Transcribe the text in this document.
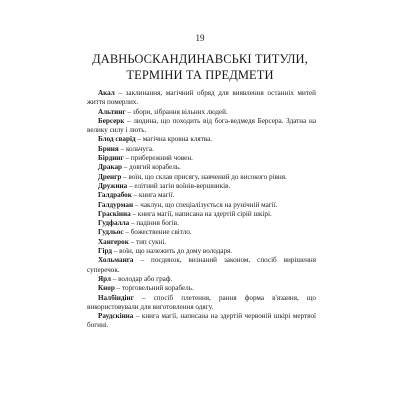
19
ДАВНЬОСКАНДИНАВСЬКІ ТИТУЛИ,
ТЕРМІНИ ТА ПРЕДМЕТИ
Акал – заклинання, магічний обряд для виявлення останніх митей життя померлих.
Альтинг – збори, зібрання вільних людей.
Берсерк – людина, що походить від бога-ведмедя Берсера. Здатна на велику силу і лють.
Блод сварід – магічна кровна клятва.
Бриня – кольчуга.
Бірдинг – прибережний човен.
Дракар – довгий корабель.
Дренгр – воїн, що склав присягу, навчений до високого рівня.
Дружина – елітний загін воїнів-вершників.
Галдрабок – книга магії.
Галдурман – чаклун, що спеціалізується на рунічній магії.
Граскінна – книга магії, написана на здертій сірій шкірі.
Гудфалла – падіння богів.
Гудльос – божественне світло.
Хангерок – тип сукні.
Гірд – воїн, що належить до дому володаря.
Хольманга – поєдинок, визнаний законом, спосіб вирішення суперечок.
Ярл – володар або граф.
Кнор – торговельний корабель.
Налбіндінг – спосіб плетення, рання форма в'язання, що використовували для виготовлення одягу.
Раудскінна – книга магії, написана на здертій червоній шкірі мертвої богині.
